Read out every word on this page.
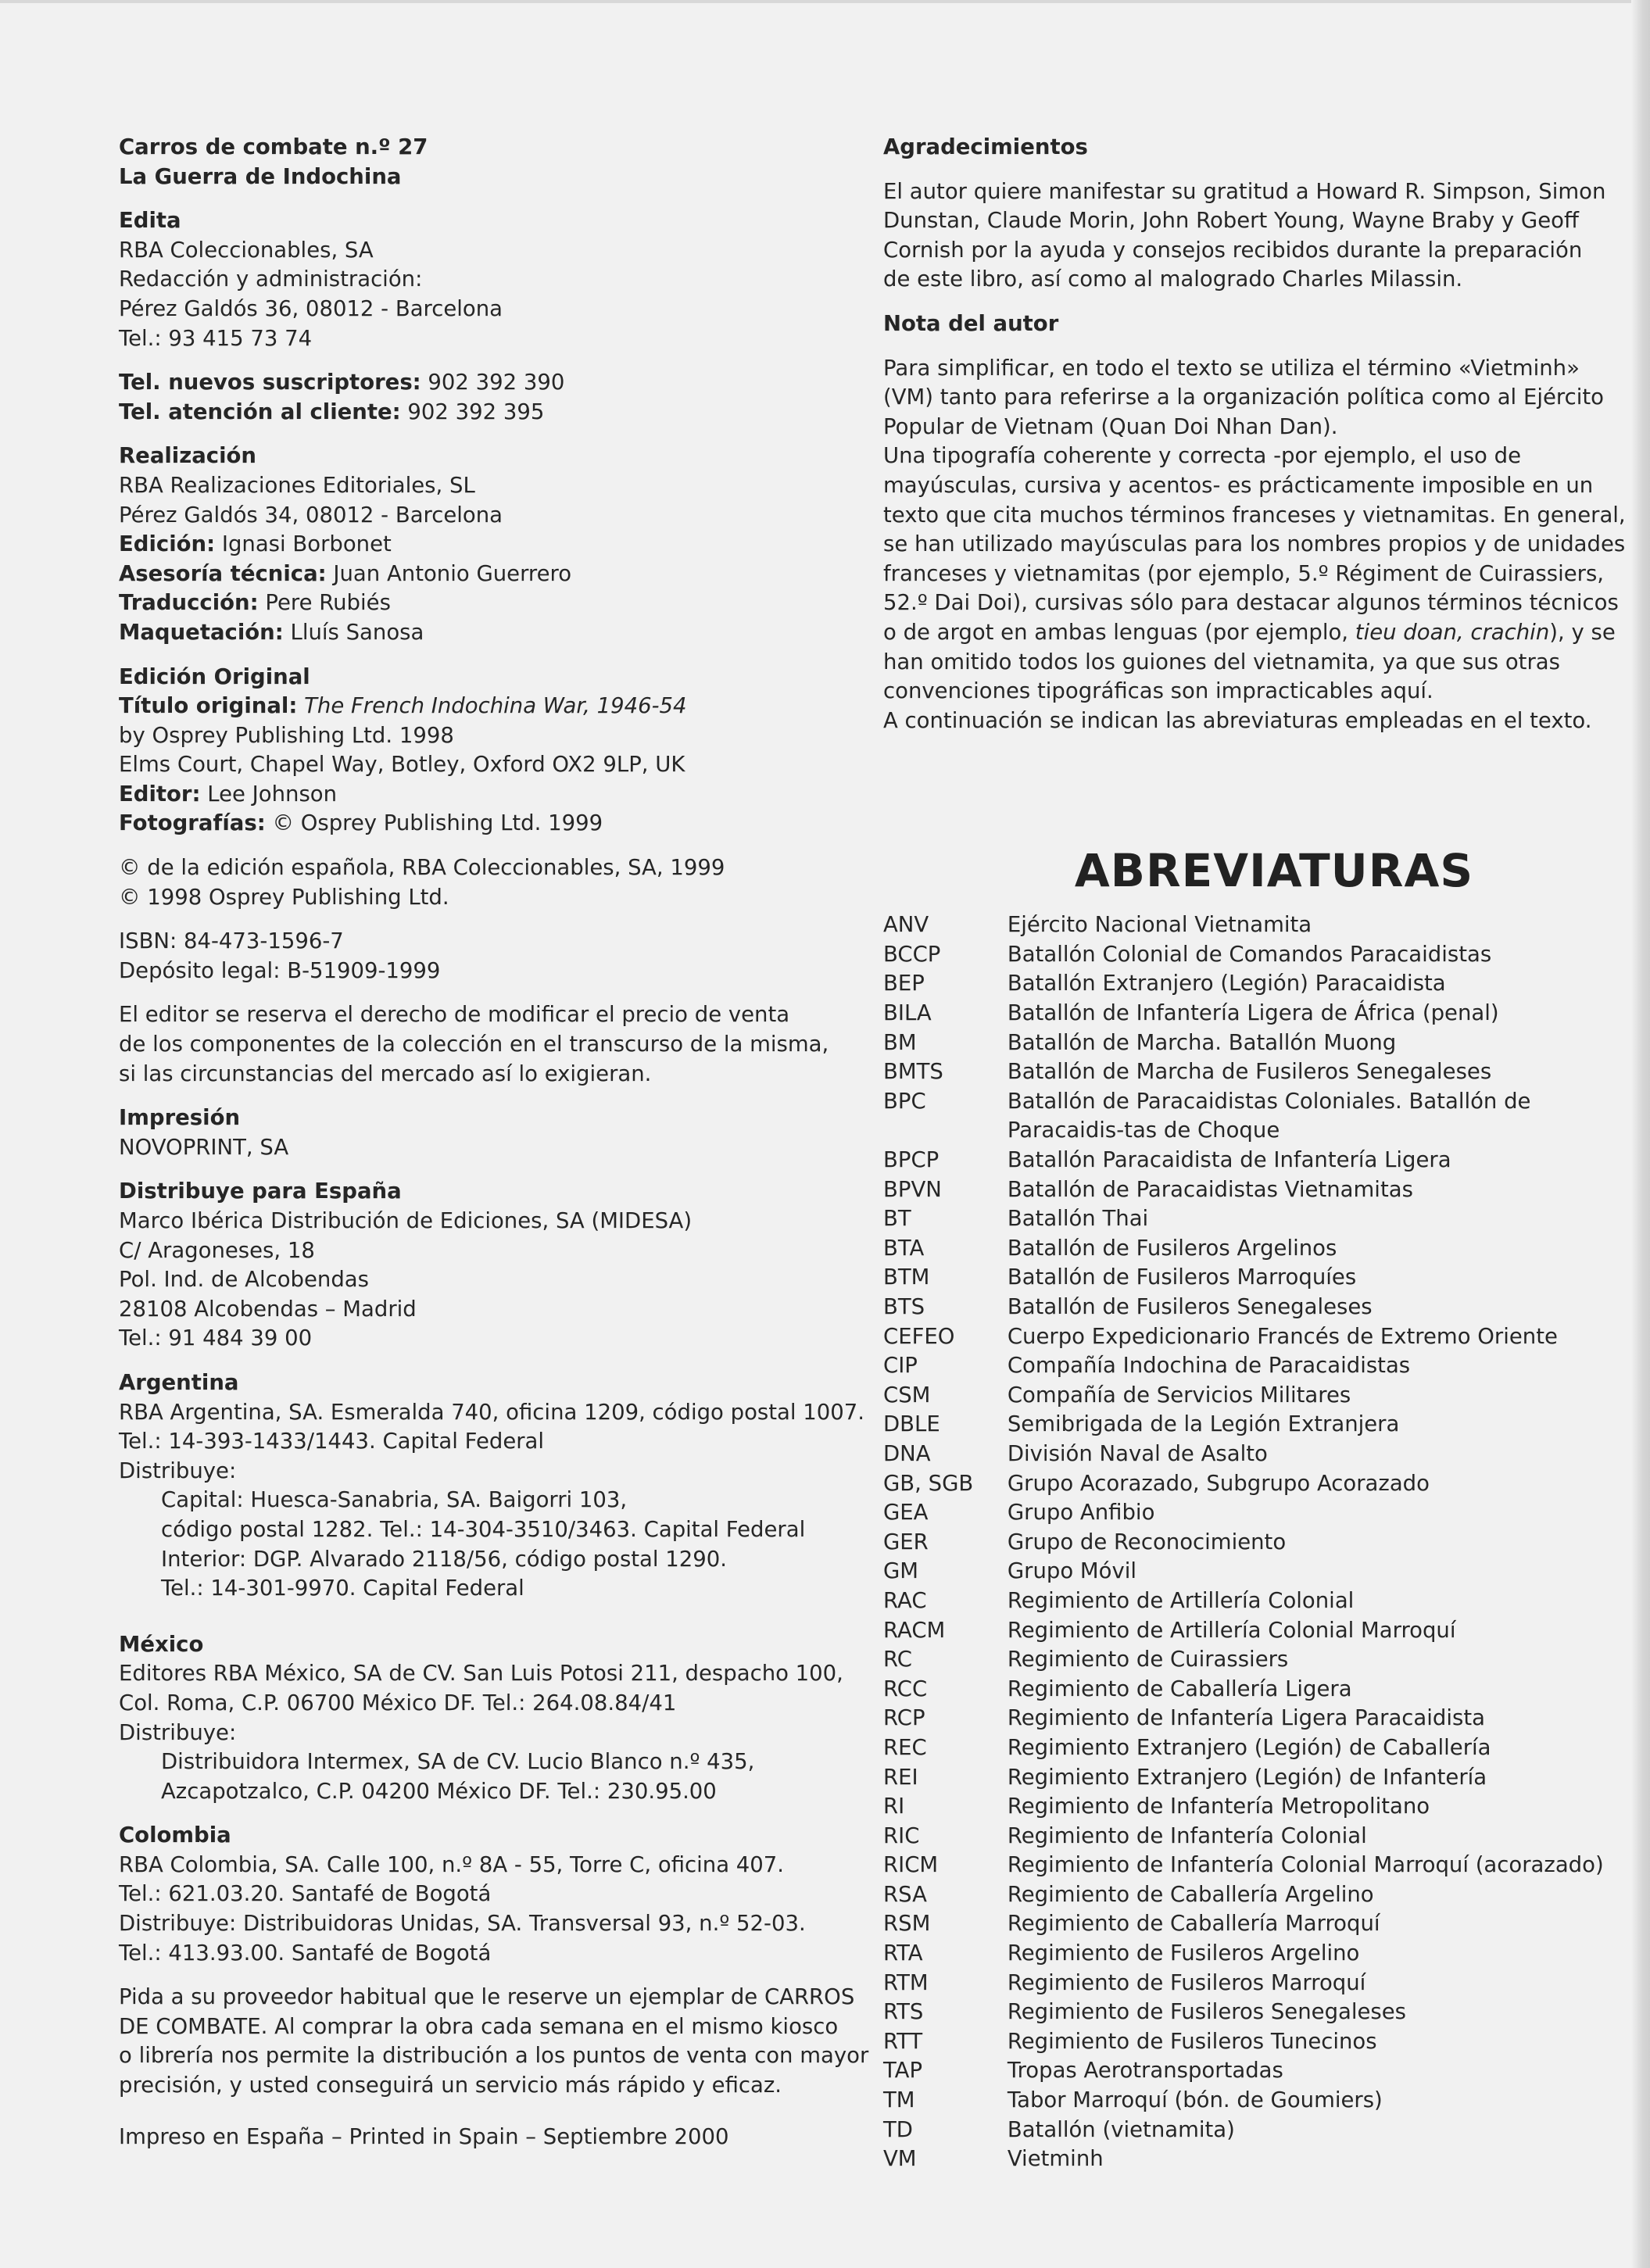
Carros de combate n.º 27
La Guerra de Indochina
Edita
RBA Coleccionables, SA
Redacción y administración:
Pérez Galdós 36, 08012 - Barcelona
Tel.: 93 415 73 74
Tel. nuevos suscriptores: 902 392 390
Tel. atención al cliente: 902 392 395
Realización
RBA Realizaciones Editoriales, SL
Pérez Galdós 34, 08012 - Barcelona
Edición: Ignasi Borbonet
Asesoría técnica: Juan Antonio Guerrero
Traducción: Pere Rubiés
Maquetación: Lluís Sanosa
Edición Original
Título original: The French Indochina War, 1946-54
by Osprey Publishing Ltd. 1998
Elms Court, Chapel Way, Botley, Oxford OX2 9LP, UK
Editor: Lee Johnson
Fotografías: © Osprey Publishing Ltd. 1999
© de la edición española, RBA Coleccionables, SA, 1999
© 1998 Osprey Publishing Ltd.
ISBN: 84-473-1596-7
Depósito legal: B-51909-1999
El editor se reserva el derecho de modificar el precio de venta
de los componentes de la colección en el transcurso de la misma,
si las circunstancias del mercado así lo exigieran.
Impresión
NOVOPRINT, SA
Distribuye para España
Marco Ibérica Distribución de Ediciones, SA (MIDESA)
C/ Aragoneses, 18
Pol. Ind. de Alcobendas
28108 Alcobendas – Madrid
Tel.: 91 484 39 00
Argentina
RBA Argentina, SA. Esmeralda 740, oficina 1209, código postal 1007.
Tel.: 14-393-1433/1443. Capital Federal
Distribuye:
Capital: Huesca-Sanabria, SA. Baigorri 103,
código postal 1282. Tel.: 14-304-3510/3463. Capital Federal
Interior: DGP. Alvarado 2118/56, código postal 1290.
Tel.: 14-301-9970. Capital Federal
México
Editores RBA México, SA de CV. San Luis Potosi 211, despacho 100,
Col. Roma, C.P. 06700 México DF. Tel.: 264.08.84/41
Distribuye:
Distribuidora Intermex, SA de CV. Lucio Blanco n.º 435,
Azcapotzalco, C.P. 04200 México DF. Tel.: 230.95.00
Colombia
RBA Colombia, SA. Calle 100, n.º 8A - 55, Torre C, oficina 407.
Tel.: 621.03.20. Santafé de Bogotá
Distribuye: Distribuidoras Unidas, SA. Transversal 93, n.º 52-03.
Tel.: 413.93.00. Santafé de Bogotá
Pida a su proveedor habitual que le reserve un ejemplar de CARROS
DE COMBATE. Al comprar la obra cada semana en el mismo kiosco
o librería nos permite la distribución a los puntos de venta con mayor
precisión, y usted conseguirá un servicio más rápido y eficaz.
Impreso en España – Printed in Spain – Septiembre 2000
Agradecimientos
El autor quiere manifestar su gratitud a Howard R. Simpson, Simon
Dunstan, Claude Morin, John Robert Young, Wayne Braby y Geoff
Cornish por la ayuda y consejos recibidos durante la preparación
de este libro, así como al malogrado Charles Milassin.
Nota del autor
Para simplificar, en todo el texto se utiliza el término «Vietminh»
(VM) tanto para referirse a la organización política como al Ejército
Popular de Vietnam (Quan Doi Nhan Dan).
Una tipografía coherente y correcta -por ejemplo, el uso de
mayúsculas, cursiva y acentos- es prácticamente imposible en un
texto que cita muchos términos franceses y vietnamitas. En general,
se han utilizado mayúsculas para los nombres propios y de unidades
franceses y vietnamitas (por ejemplo, 5.º Régiment de Cuirassiers,
52.º Dai Doi), cursivas sólo para destacar algunos términos técnicos
o de argot en ambas lenguas (por ejemplo, tieu doan, crachin), y se
han omitido todos los guiones del vietnamita, ya que sus otras
convenciones tipográficas son impracticables aquí.
A continuación se indican las abreviaturas empleadas en el texto.
ABREVIATURAS
ANV	Ejército Nacional Vietnamita
BCCP	Batallón Colonial de Comandos Paracaidistas
BEP	Batallón Extranjero (Legión) Paracaidista
BILA	Batallón de Infantería Ligera de África (penal)
BM	Batallón de Marcha. Batallón Muong
BMTS	Batallón de Marcha de Fusileros Senegaleses
BPC	Batallón de Paracaidistas Coloniales. Batallón de Paracaidis-tas de Choque
BPCP	Batallón Paracaidista de Infantería Ligera
BPVN	Batallón de Paracaidistas Vietnamitas
BT	Batallón Thai
BTA	Batallón de Fusileros Argelinos
BTM	Batallón de Fusileros Marroquíes
BTS	Batallón de Fusileros Senegaleses
CEFEO	Cuerpo Expedicionario Francés de Extremo Oriente
CIP	Compañía Indochina de Paracaidistas
CSM	Compañía de Servicios Militares
DBLE	Semibrigada de la Legión Extranjera
DNA	División Naval de Asalto
GB, SGB	Grupo Acorazado, Subgrupo Acorazado
GEA	Grupo Anfibio
GER	Grupo de Reconocimiento
GM	Grupo Móvil
RAC	Regimiento de Artillería Colonial
RACM	Regimiento de Artillería Colonial Marroquí
RC	Regimiento de Cuirassiers
RCC	Regimiento de Caballería Ligera
RCP	Regimiento de Infantería Ligera Paracaidista
REC	Regimiento Extranjero (Legión) de Caballería
REI	Regimiento Extranjero (Legión) de Infantería
RI	Regimiento de Infantería Metropolitano
RIC	Regimiento de Infantería Colonial
RICM	Regimiento de Infantería Colonial Marroquí (acorazado)
RSA	Regimiento de Caballería Argelino
RSM	Regimiento de Caballería Marroquí
RTA	Regimiento de Fusileros Argelino
RTM	Regimiento de Fusileros Marroquí
RTS	Regimiento de Fusileros Senegaleses
RTT	Regimiento de Fusileros Tunecinos
TAP	Tropas Aerotransportadas
TM	Tabor Marroquí (bón. de Goumiers)
TD	Batallón (vietnamita)
VM	Vietminh
